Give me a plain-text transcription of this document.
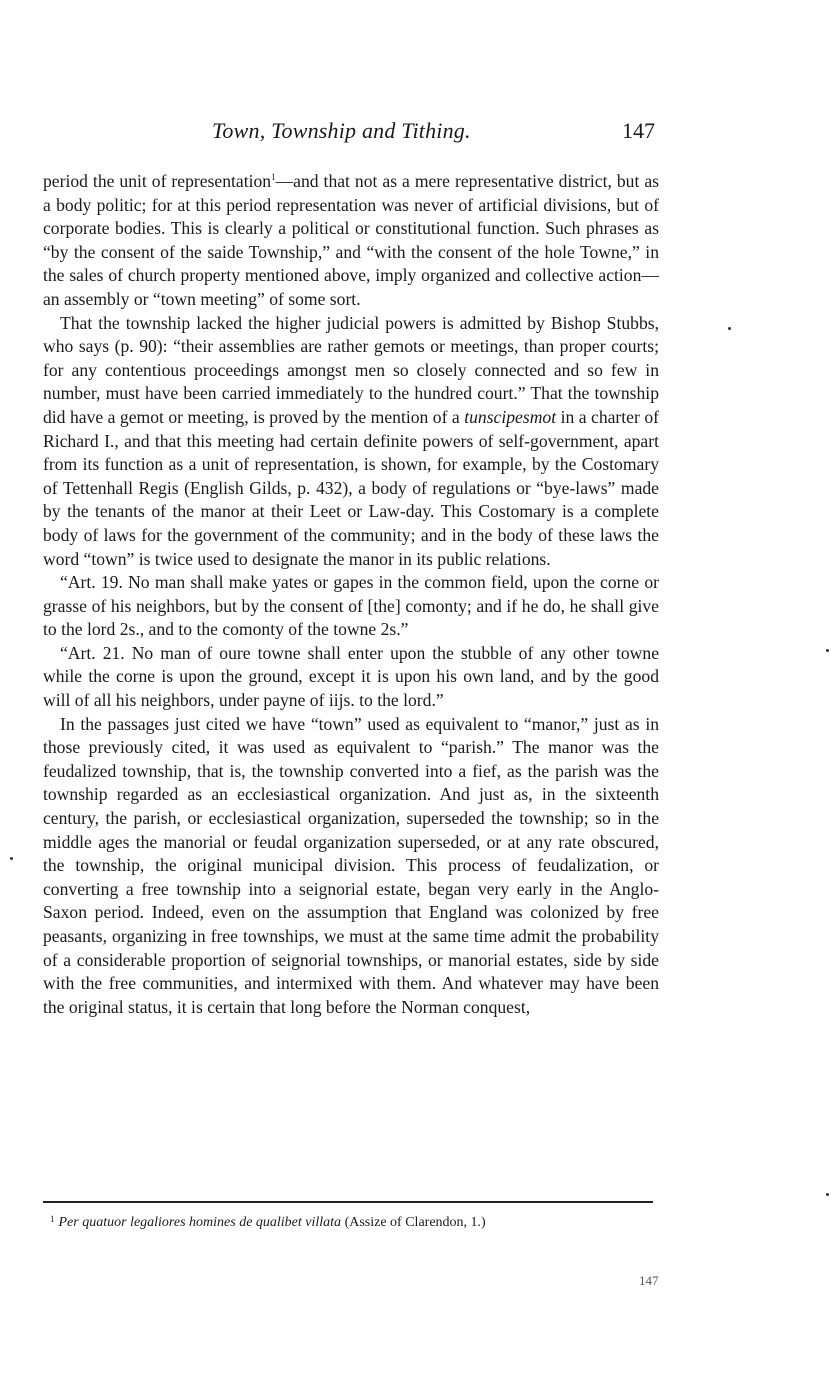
Town, Township and Tithing.	147

period the unit of representation$^1$—and that not as a mere representative district, but as a body politic; for at this period representation was never of artificial divisions, but of corporate bodies. This is clearly a political or constitutional function. Such phrases as “by the consent of the saide Township,” and “with the consent of the hole Towne,” in the sales of church property mentioned above, imply organized and collective action—an assembly or “town meeting” of some sort.

That the township lacked the higher judicial powers is admitted by Bishop Stubbs, who says (p. 90): “their assemblies are rather gemots or meetings, than proper courts; for any contentious proceedings amongst men so closely connected and so few in number, must have been carried immediately to the hundred court.” That the township did have a gemot or meeting, is proved by the mention of a tunscipesmot in a charter of Richard I., and that this meeting had certain definite powers of self-government, apart from its function as a unit of representation, is shown, for example, by the Costomary of Tettenhall Regis (English Gilds, p. 432), a body of regulations or “bye-laws” made by the tenants of the manor at their Leet or Law-day. This Costomary is a complete body of laws for the government of the community; and in the body of these laws the word “town” is twice used to designate the manor in its public relations.

“Art. 19. No man shall make yates or gapes in the common field, upon the corne or grasse of his neighbors, but by the consent of [the] comonty; and if he do, he shall give to the lord 2s., and to the comonty of the towne 2s.”

“Art. 21. No man of oure towne shall enter upon the stubble of any other towne while the corne is upon the ground, except it is upon his own land, and by the good will of all his neighbors, under payne of iijs. to the lord.”

In the passages just cited we have “town” used as equivalent to “manor,” just as in those previously cited, it was used as equivalent to “parish.” The manor was the feudalized township, that is, the township converted into a fief, as the parish was the township regarded as an ecclesiastical organization. And just as, in the sixteenth century, the parish, or ecclesiastical organization, superseded the township; so in the middle ages the manorial or feudal organization superseded, or at any rate obscured, the township, the original municipal division. This process of feudalization, or converting a free township into a seignorial estate, began very early in the Anglo-Saxon period. Indeed, even on the assumption that England was colonized by free peasants, organizing in free townships, we must at the same time admit the probability of a considerable proportion of seignorial townships, or manorial estates, side by side with the free communities, and intermixed with them. And whatever may have been the original status, it is certain that long before the Norman conquest,

$^1$ Per quatuor legaliores homines de qualibet villata (Assize of Clarendon, 1.)
147
